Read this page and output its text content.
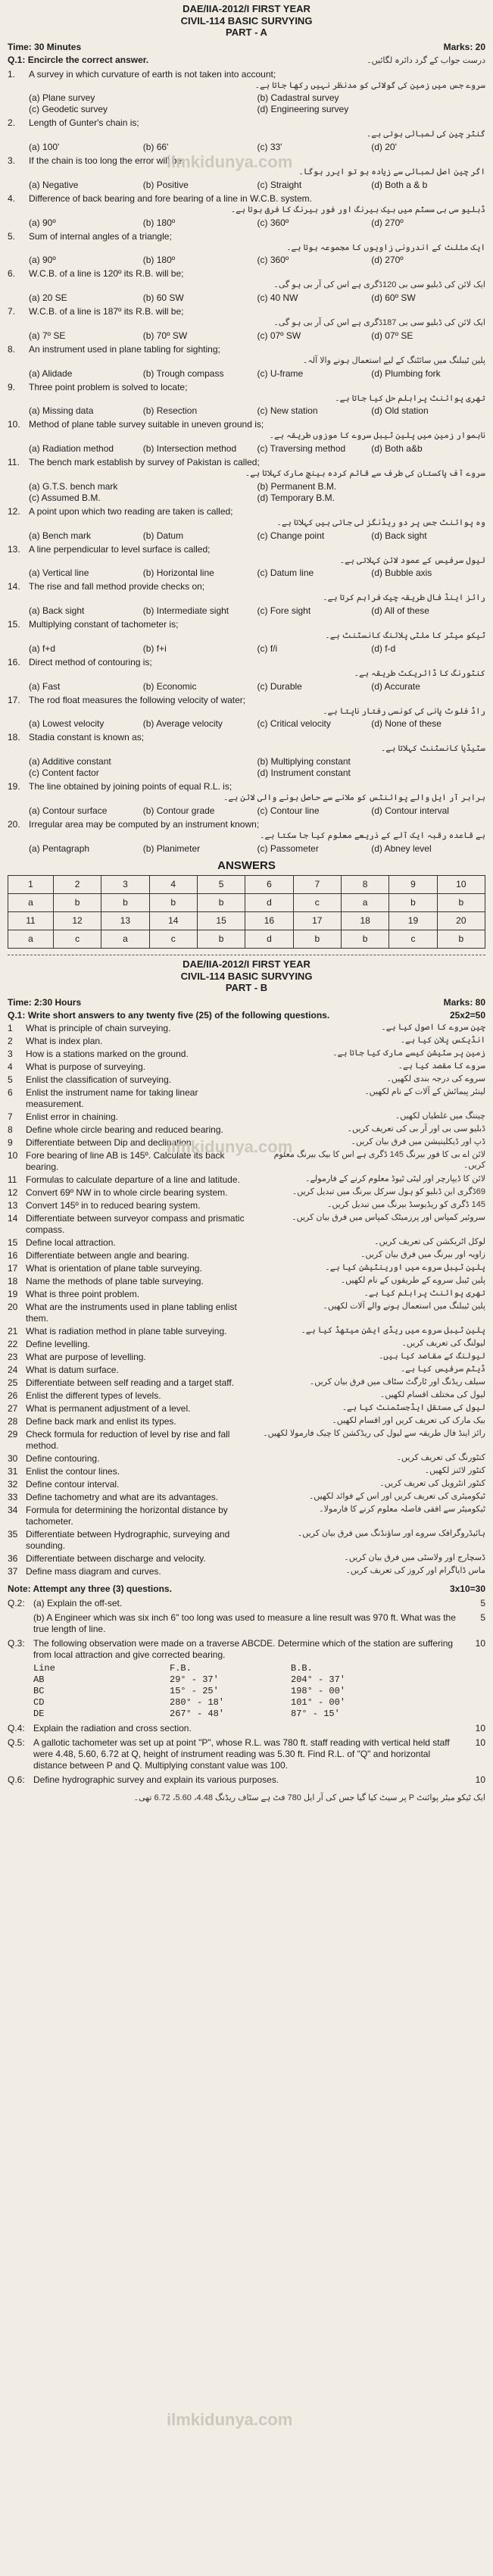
ilmkidunya.com
ilmkidunya.com
ilmkidunya.com
DAE/IIA-2012/I FIRST YEAR
CIVIL-114 BASIC SURVYING
PART - A
Time: 30 Minutes	Marks: 20
Q.1: Encircle the correct answer.	درست جواب کے گرد دائرہ لگائیں۔
1.	A survey in which curvature of earth is not taken into account;
سروے جس میں زمین کی گولائی کو مدنظر نہیں رکھا جاتا ہے۔
(a) Plane survey	(b) Cadastral survey
(c) Geodetic survey	(d) Engineering survey
2.	Length of Gunter's chain is;
گنٹر چین کی لمبائی ہوتی ہے۔
(a) 100'	(b) 66'	(c) 33'	(d) 20'
3.	If the chain is too long the error will be;
اگر چین اصل لمبائی سے زیادہ ہو تو ایرر ہوگا۔
(a) Negative	(b) Positive	(c) Straight	(d) Both a & b
4.	Difference of back bearing and fore bearing of a line in W.C.B. system.
ڈبلیو سی بی سسٹم میں بیک بیرنگ اور فور بیرنگ کا فرق ہوتا ہے۔
(a) 90º	(b) 180º	(c) 360º	(d) 270º
5.	Sum of internal angles of a triangle;
ایک مثلث کے اندرونی زاویوں کا مجموعہ ہوتا ہے۔
(a) 90º	(b) 180º	(c) 360º	(d) 270º
6.	W.C.B. of a line is 120º its R.B. will be;
ایک لائن کی ڈبلیو سی بی 120ڈگری ہے اس کی آر بی ہو گی۔
(a) 20 SE	(b) 60 SW	(c) 40 NW	(d) 60º SW
7.	W.C.B. of a line is 187º its R.B. will be;
ایک لائن کی ڈبلیو سی بی 187ڈگری ہے اس کی آر بی ہو گی۔
(a) 7º SE	(b) 70º SW	(c) 07º SW	(d) 07º SE
8.	An instrument used in plane tabling for sighting;
پلین ٹیبلنگ میں سائٹنگ کے لیے استعمال ہونے والا آلہ۔
(a) Alidade	(b) Trough compass	(c) U-frame	(d) Plumbing fork
9.	Three point problem is solved to locate;
تھری پوائنٹ پرابلم حل کیا جاتا ہے۔
(a) Missing data	(b) Resection	(c) New station	(d) Old station
10. Method of plane table survey suitable in uneven ground is;
ناہموار زمین میں پلین ٹیبل سروے کا موزوں طریقہ ہے۔
(a) Radiation method	(b) Intersection method	(c) Traversing method	(d) Both a&b
11.	The bench mark establish by survey of Pakistan is called;
سروے آف پاکستان کی طرف سے قائم کردہ بینچ مارک کہلاتا ہے۔
(a) G.T.S. bench mark	(b) Permanent B.M.
(c) Assumed B.M.	(d) Temporary B.M.
12. A point upon which two reading are taken is called;
وہ پوائنٹ جس پر دو ریڈنگز لی جاتی ہیں کہلاتا ہے۔
(a) Bench mark	(b) Datum	(c) Change point	(d) Back sight
13. A line perpendicular to level surface is called;
لیول سرفیس کے عمود لائن کہلاتی ہے۔
(a) Vertical line	(b) Horizontal line	(c) Datum line	(d) Bubble axis
14. The rise and fall method provide checks on;
رائز اینڈ فال طریقہ چیک فراہم کرتا ہے۔
(a) Back sight	(b) Intermediate sight	(c) Fore sight	(d) All of these
15. Multiplying constant of tachometer is;
ٹیکو میٹر کا ملٹی پلائنگ کانسٹنٹ ہے۔
(a) f+d	(b) f+i	(c) f/i	(d) f-d
16. Direct method of contouring is;
کنٹورنگ کا ڈائریکٹ طریقہ ہے۔
(a) Fast	(b) Economic	(c) Durable	(d) Accurate
17. The rod float measures the following velocity of water;
راڈ فلوٹ پانی کی کونسی رفتار ناپتا ہے۔
(a) Lowest velocity	(b) Average velocity	(c) Critical velocity	(d) None of these
18. Stadia constant is known as;
سٹیڈیا کانسٹنٹ کہلاتا ہے۔
(a) Additive constant	(b) Multiplying constant
(c) Content factor	(d) Instrument constant
19. The line obtained by joining points of equal R.L. is;
برابر آر ایل والے پوائنٹس کو ملانے سے حاصل ہونے والی لائن ہے۔
(a) Contour surface	(b) Contour grade	(c) Contour line	(d) Contour interval
20. Irregular area may be computed by an instrument known;
بے قاعدہ رقبہ ایک آلے کے ذریعے معلوم کیا جا سکتا ہے۔
(a) Pentagraph	(b) Planimeter	(c) Passometer	(d) Abney level
ANSWERS
1	2	3	4	5	6	7	8	9	10
a	b	b	b	b	d	c	a	b	b
11	12	13	14	15	16	17	18	19	20
a	c	a	c	b	d	b	b	c	b
DAE/IIA-2012/I FIRST YEAR
CIVIL-114 BASIC SURVYING
PART - B
Time: 2:30 Hours	Marks: 80
Q.1: Write short answers to any twenty five (25) of the following questions.	25x2=50
1	What is principle of chain surveying.	چین سروے کا اصول کیا ہے۔
2	What is index plan.	انڈیکس پلان کیا ہے۔
3	How is a stations marked on the ground.	زمین پر سٹیشن کیسے مارک کیا جاتا ہے۔
4	What is purpose of surveying.	سروے کا مقصد کیا ہے۔
5	Enlist the classification of surveying.	سروے کی درجہ بندی لکھیں۔
6	Enlist the instrument name for taking linear measurement.
لینئر پیمائش کے آلات کے نام لکھیں۔
7	Enlist error in chaining.	چیننگ میں غلطیاں لکھیں۔
8	Define whole circle bearing and reduced bearing.	ڈبلیو سی بی اور آر بی کی تعریف کریں۔
9	Differentiate between Dip and declination.	ڈپ اور ڈیکلینیشن میں فرق بیان کریں۔
10 Fore bearing of line AB is 145º. Calculate its back bearing.
لائن اے بی کا فور بیرنگ 145 ڈگری ہے اس کا بیک بیرنگ معلوم کریں۔
11 Formulas to calculate departure of a line and latitude.	لائن کا ڈیپارچر اور لیٹی ٹیوڈ معلوم کرنے کے فارمولے۔
12 Convert 69º NW in to whole circle bearing system.	69ڈگری این ڈبلیو کو ہول سرکل بیرنگ میں تبدیل کریں۔
13 Convert 145º in to reduced bearing system.	145 ڈگری کو ریڈیوسڈ بیرنگ میں تبدیل کریں۔
14 Differentiate between surveyor compass and prismatic compass.
سروئیر کمپاس اور پرزمیٹک کمپاس میں فرق بیان کریں۔
15 Define local attraction.	لوکل اٹریکشن کی تعریف کریں۔
16 Differentiate between angle and bearing.	زاویہ اور بیرنگ میں فرق بیان کریں۔
17 What is orientation of plane table surveying.	پلین ٹیبل سروے میں اورینٹیشن کیا ہے۔
18 Name the methods of plane table surveying.	پلین ٹیبل سروے کے طریقوں کے نام لکھیں۔
19 What is three point problem.	تھری پوائنٹ پرابلم کیا ہے۔
20 What are the instruments used in plane tabling enlist them.
پلین ٹیبلنگ میں استعمال ہونے والے آلات لکھیں۔
21 What is radiation method in plane table surveying.	پلین ٹیبل سروے میں ریڈی ایشن میتھڈ کیا ہے۔
22 Define levelling.	لیولنگ کی تعریف کریں۔
23 What are purpose of levelling.	لیولنگ کے مقاصد کیا ہیں۔
24 What is datum surface.	ڈیٹم سرفیس کیا ہے۔
25 Differentiate between self reading and a target staff.	سیلف ریڈنگ اور ٹارگٹ سٹاف میں فرق بیان کریں۔
26 Enlist the different types of levels.	لیول کی مختلف اقسام لکھیں۔
27 What is permanent adjustment of a level.	لیول کی مستقل ایڈجسٹمنٹ کیا ہے۔
28 Define back mark and enlist its types.	بیک مارک کی تعریف کریں اور اقسام لکھیں۔
29 Check formula for reduction of level by rise and fall method.
رائز اینڈ فال طریقہ سے لیول کی ریڈکشن کا چیک فارمولا لکھیں۔
30 Define contouring.	کنٹورنگ کی تعریف کریں۔
31 Enlist the contour lines.	کنٹور لائنز لکھیں۔
32 Define contour interval.	کنٹور انٹرویل کی تعریف کریں۔
33 Define tachometry and what are its advantages.	ٹیکومیٹری کی تعریف کریں اور اس کے فوائد لکھیں۔
34 Formula for determining the horizontal distance by tachometer.
ٹیکومیٹر سے افقی فاصلہ معلوم کرنے کا فارمولا۔
35 Differentiate between Hydrographic, surveying and sounding.
ہائیڈروگرافک سروے اور ساؤنڈنگ میں فرق بیان کریں۔
36 Differentiate between discharge and velocity.	ڈسچارج اور ولاسٹی میں فرق بیان کریں۔
37 Define mass diagram and curves.	ماس ڈایاگرام اور کروز کی تعریف کریں۔
Note: Attempt any three (3) questions.	3x10=30
Q.2: (a) Explain the off-set.	5
(b) A Engineer which was six inch 6" too long was used to measure a line result was 970 ft. What was the true length of line.
5
Q.3: The following observation were made on a traverse ABCDE. Determine which of the station are suffering from local attraction and give corrected bearing.
10
Line	F.B.	B.B.
AB	29° - 37'	204° - 37'
BC	15° - 25'	198° - 00'
CD	280° - 18'	101° - 00'
DE	267° - 48'	87° - 15'
Q.4: Explain the radiation and cross section.	10
Q.5: A gallotic tachometer was set up at point "P", whose R.L. was 780 ft. staff reading with vertical held staff were 4.48, 5.60, 6.72 at Q, height of instrument reading was 5.30 ft. Find R.L. of "Q" and horizontal distance between P and Q. Multiplying constant value was 100.
10
Q.6: Define hydrographic survey and explain its various purposes.	10
ایک ٹیکو میٹر پوائنٹ P پر سیٹ کیا گیا جس کی آر ایل 780 فٹ ہے سٹاف ریڈنگ 4.48، 5.60، 6.72 تھی۔
